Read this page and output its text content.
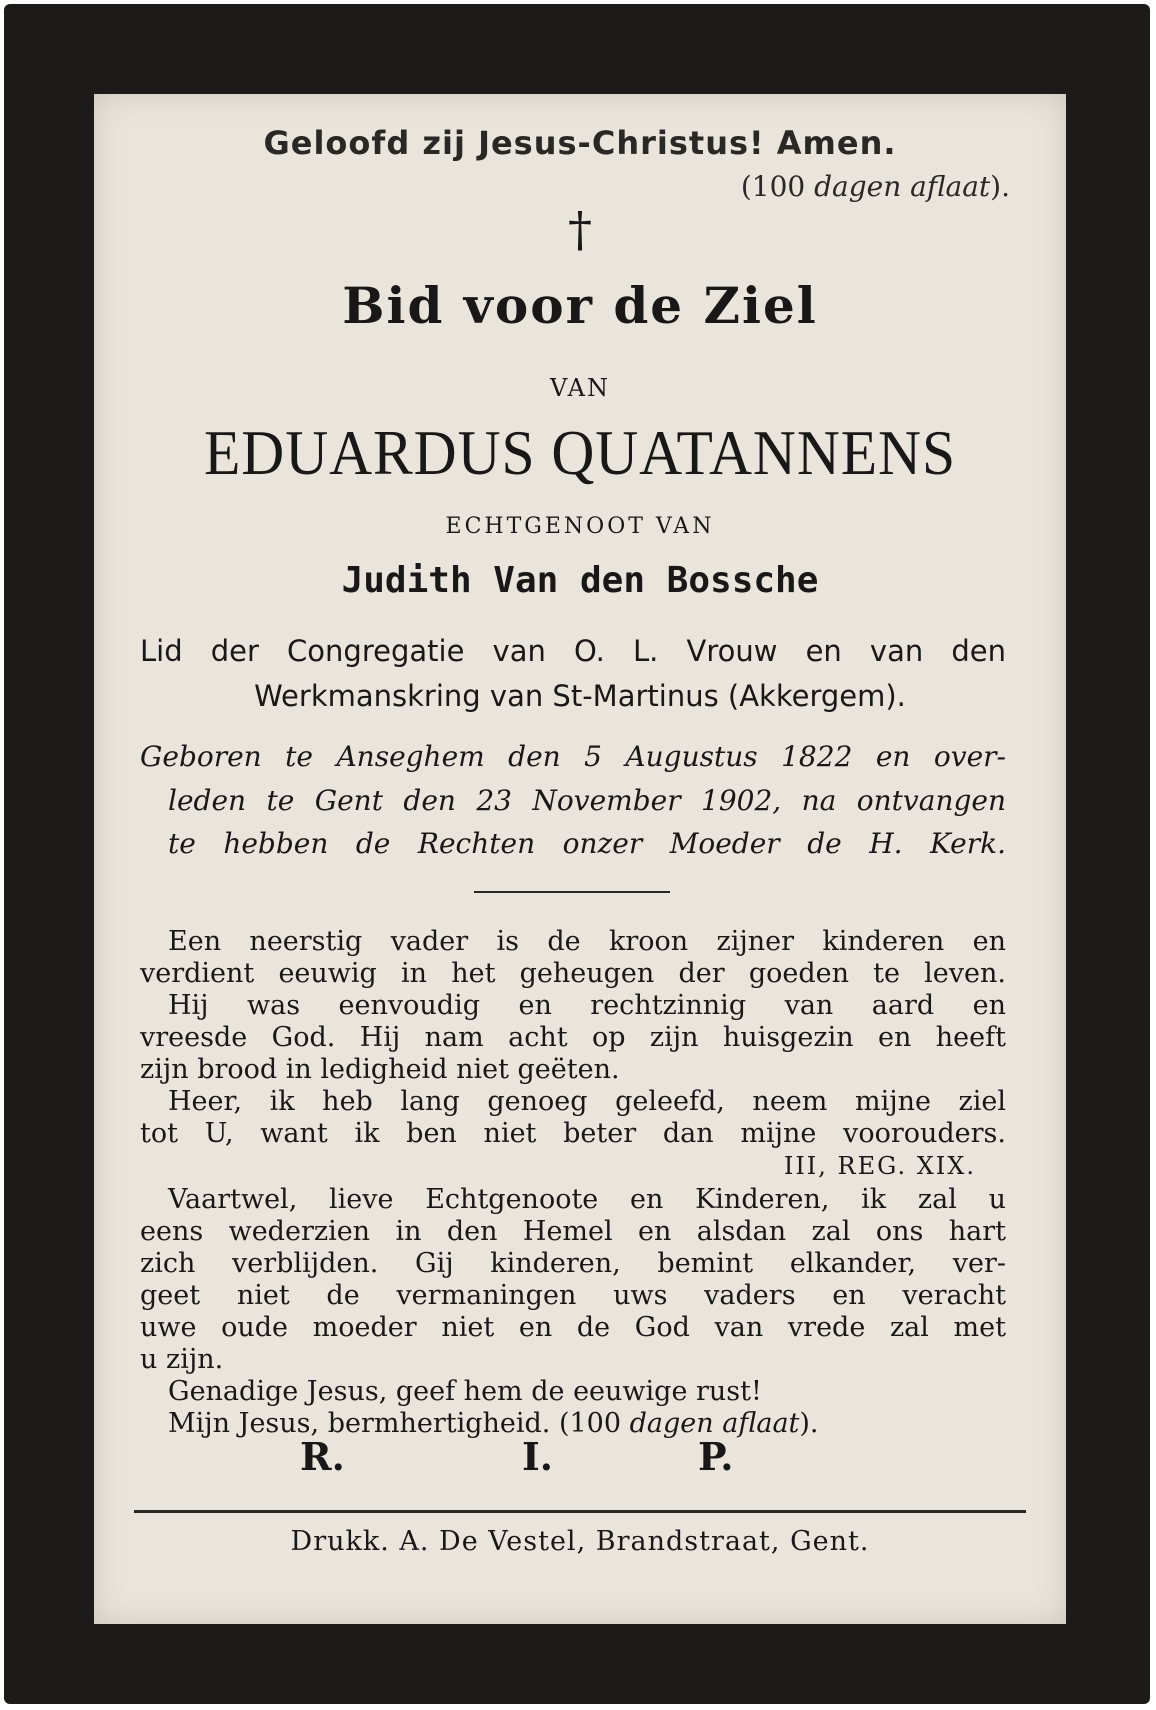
Geloofd zij Jesus-Christus! Amen.
(100 dagen aflaat).
†
Bid voor de Ziel
VAN
EDUARDUS QUATANNENS
ECHTGENOOT VAN
Judith Van den Bossche
Lid der Congregatie van O. L. Vrouw en van den
Werkmanskring van St-Martinus (Akkergem).
Geboren te Anseghem den 5 Augustus 1822 en over-
leden te Gent den 23 November 1902, na ontvangen
te hebben de Rechten onzer Moeder de H. Kerk.
Een neerstig vader is de kroon zijner kinderen en
verdient eeuwig in het geheugen der goeden te leven.
Hij was eenvoudig en rechtzinnig van aard en
vreesde God. Hij nam acht op zijn huisgezin en heeft
zijn brood in ledigheid niet geëten.
Heer, ik heb lang genoeg geleefd, neem mijne ziel
tot U, want ik ben niet beter dan mijne voorouders.
III, REG. XIX.
Vaartwel, lieve Echtgenoote en Kinderen, ik zal u
eens wederzien in den Hemel en alsdan zal ons hart
zich verblijden. Gij kinderen, bemint elkander, ver-
geet niet de vermaningen uws vaders en veracht
uwe oude moeder niet en de God van vrede zal met
u zijn.
Genadige Jesus, geef hem de eeuwige rust!
Mijn Jesus, bermhertigheid. (100 dagen aflaat).
R.	I.	P.
Drukk. A. De Vestel, Brandstraat, Gent.
